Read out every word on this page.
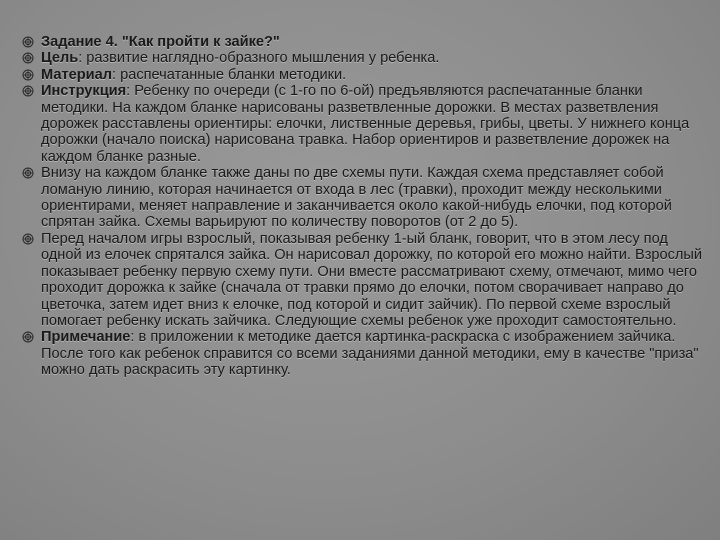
Задание 4. "Как пройти к зайке?"
Цель: развитие наглядно-образного мышления у ребенка.
Материал: распечатанные бланки методики.
Инструкция: Ребенку по очереди (с 1-го по 6-ой) предъявляются распечатанные бланки методики. На каждом бланке нарисованы разветвленные дорожки. В местах разветвления дорожек расставлены ориентиры: елочки, лиственные деревья, грибы, цветы. У нижнего конца дорожки (начало поиска) нарисована травка. Набор ориентиров и разветвление дорожек на каждом бланке разные.
Внизу на каждом бланке также даны по две схемы пути. Каждая схема представляет собой ломаную линию, которая начинается от входа в лес (травки), проходит между несколькими ориентирами, меняет направление и заканчивается около какой-нибудь елочки, под которой спрятан зайка. Схемы варьируют по количеству поворотов (от 2 до 5).
Перед началом игры взрослый, показывая ребенку 1-ый бланк, говорит, что в этом лесу под одной из елочек спрятался зайка. Он нарисовал дорожку, по которой его можно найти. Взрослый показывает ребенку первую схему пути. Они вместе рассматривают схему, отмечают, мимо чего проходит дорожка к зайке (сначала от травки прямо до елочки, потом сворачивает направо до цветочка, затем идет вниз к елочке, под которой и сидит зайчик). По первой схеме взрослый помогает ребенку искать зайчика. Следующие схемы ребенок уже проходит самостоятельно.
Примечание: в приложении к методике дается картинка-раскраска с изображением зайчика. После того как ребенок справится со всеми заданиями данной методики, ему в качестве "приза" можно дать раскрасить эту картинку.
